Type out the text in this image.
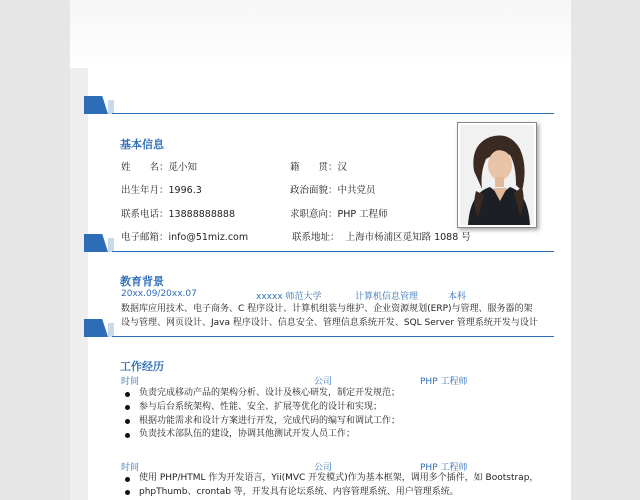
基本信息
姓　　名：觅小知	籍　　贯：汉
出生年月：1996.3	政治面貌：中共党员
联系电话：13888888888	求职意向：PHP 工程师
电子邮箱：info@51miz.com	联系地址： 上海市杨浦区觅知路 1088 号
教育背景
20xx.09/20xx.07	xxxxx 师范大学	计算机信息管理	本科
数据库应用技术、电子商务、C 程序设计、计算机组装与维护、企业资源规划(ERP)与管理、服务器的架
设与管理、网页设计、Java 程序设计、信息安全、管理信息系统开发、SQL Server 管理系统开发与设计
工作经历
时间	公司	PHP 工程师
负责完成移动产品的架构分析、设计及核心研发，制定开发规范；
参与后台系统架构、性能、安全、扩展等优化的设计和实现；
根据功能需求和设计方案进行开发，完成代码的编写和调试工作；
负责技术部队伍的建设，协调其他测试开发人员工作；
时间	公司	PHP 工程师
使用 PHP/HTML 作为开发语言，Yii(MVC 开发模式)作为基本框架，调用多个插件，如 Bootstrap，
phpThumb、crontab 等，开发具有论坛系统、内容管理系统、用户管理系统。
